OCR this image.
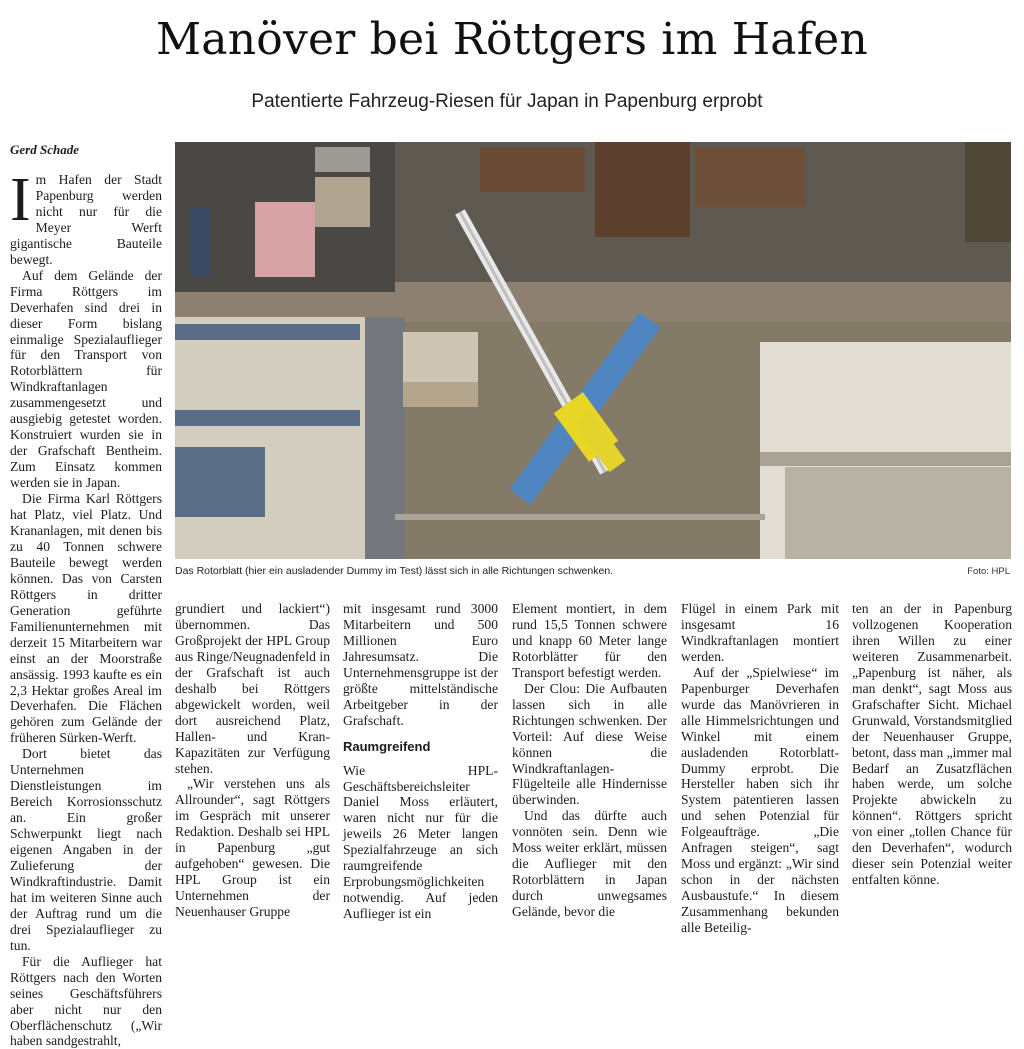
Manöver bei Röttgers im Hafen
Patentierte Fahrzeug-Riesen für Japan in Papenburg erprobt
Gerd Schade

Im Hafen der Stadt Papenburg werden nicht nur für die Meyer Werft gigantische Bauteile bewegt.

Auf dem Gelände der Firma Röttgers im Deverhafen sind drei in dieser Form bislang einmalige Spezialauflieger für den Transport von Rotorblättern für Windkraftanlagen zusammengesetzt und ausgiebig getestet worden. Konstruiert wurden sie in der Grafschaft Bentheim. Zum Einsatz kommen werden sie in Japan.

Die Firma Karl Röttgers hat Platz, viel Platz. Und Krananlagen, mit denen bis zu 40 Tonnen schwere Bauteile bewegt werden können. Das von Carsten Röttgers in dritter Generation geführte Familienunternehmen mit derzeit 15 Mitarbeitern war einst an der Moorstraße ansässig. 1993 kaufte es ein 2,3 Hektar großes Areal im Deverhafen. Die Flächen gehören zum Gelände der früheren Sürken-Werft.

Dort bietet das Unternehmen Dienstleistungen im Bereich Korrosionsschutz an. Ein großer Schwerpunkt liegt nach eigenen Angaben in der Zulieferung der Windkraftindustrie. Damit hat im weiteren Sinne auch der Auftrag rund um die drei Spezialauflieger zu tun.

Für die Auflieger hat Röttgers nach den Worten seines Geschäftsführers aber nicht nur den Oberflächenschutz („Wir haben sandgestrahlt,

Das Rotorblatt (hier ein ausladender Dummy im Test) lässt sich in alle Richtungen schwenken.	Foto: HPL

grundiert und lackiert“) übernommen. Das Großprojekt der HPL Group aus Ringe/Neugnadenfeld in der Grafschaft ist auch deshalb bei Röttgers abgewickelt worden, weil dort ausreichend Platz, Hallen- und Kran-Kapazitäten zur Verfügung stehen.

„Wir verstehen uns als Allrounder“, sagt Röttgers im Gespräch mit unserer Redaktion. Deshalb sei HPL in Papenburg „gut aufgehoben“ gewesen. Die HPL Group ist ein Unternehmen der Neuenhauser Gruppe

mit insgesamt rund 3000 Mitarbeitern und 500 Millionen Euro Jahresumsatz. Die Unternehmensgruppe ist der größte mittelständische Arbeitgeber in der Grafschaft.

Raumgreifend

Wie HPL-Geschäftsbereichsleiter Daniel Moss erläutert, waren nicht nur für die jeweils 26 Meter langen Spezialfahrzeuge an sich raumgreifende Erprobungsmöglichkeiten notwendig. Auf jeden Auflieger ist ein

Element montiert, in dem rund 15,5 Tonnen schwere und knapp 60 Meter lange Rotorblätter für den Transport befestigt werden.

Der Clou: Die Aufbauten lassen sich in alle Richtungen schwenken. Der Vorteil: Auf diese Weise können die Windkraftanlagen-Flügelteile alle Hindernisse überwinden.

Und das dürfte auch vonnöten sein. Denn wie Moss weiter erklärt, müssen die Auflieger mit den Rotorblättern in Japan durch unwegsames Gelände, bevor die

Flügel in einem Park mit insgesamt 16 Windkraftanlagen montiert werden.

Auf der „Spielwiese“ im Papenburger Deverhafen wurde das Manövrieren in alle Himmelsrichtungen und Winkel mit einem ausladenden Rotorblatt-Dummy erprobt. Die Hersteller haben sich ihr System patentieren lassen und sehen Potenzial für Folgeaufträge. „Die Anfragen steigen“, sagt Moss und ergänzt: „Wir sind schon in der nächsten Ausbaustufe.“ In diesem Zusammenhang bekunden alle Beteilig-

ten an der in Papenburg vollzogenen Kooperation ihren Willen zu einer weiteren Zusammenarbeit. „Papenburg ist näher, als man denkt“, sagt Moss aus Grafschafter Sicht. Michael Grunwald, Vorstandsmitglied der Neuenhauser Gruppe, betont, dass man „immer mal Bedarf an Zusatzflächen haben werde, um solche Projekte abwickeln zu können“. Röttgers spricht von einer „tollen Chance für den Deverhafen“, wodurch dieser sein Potenzial weiter entfalten könne.
